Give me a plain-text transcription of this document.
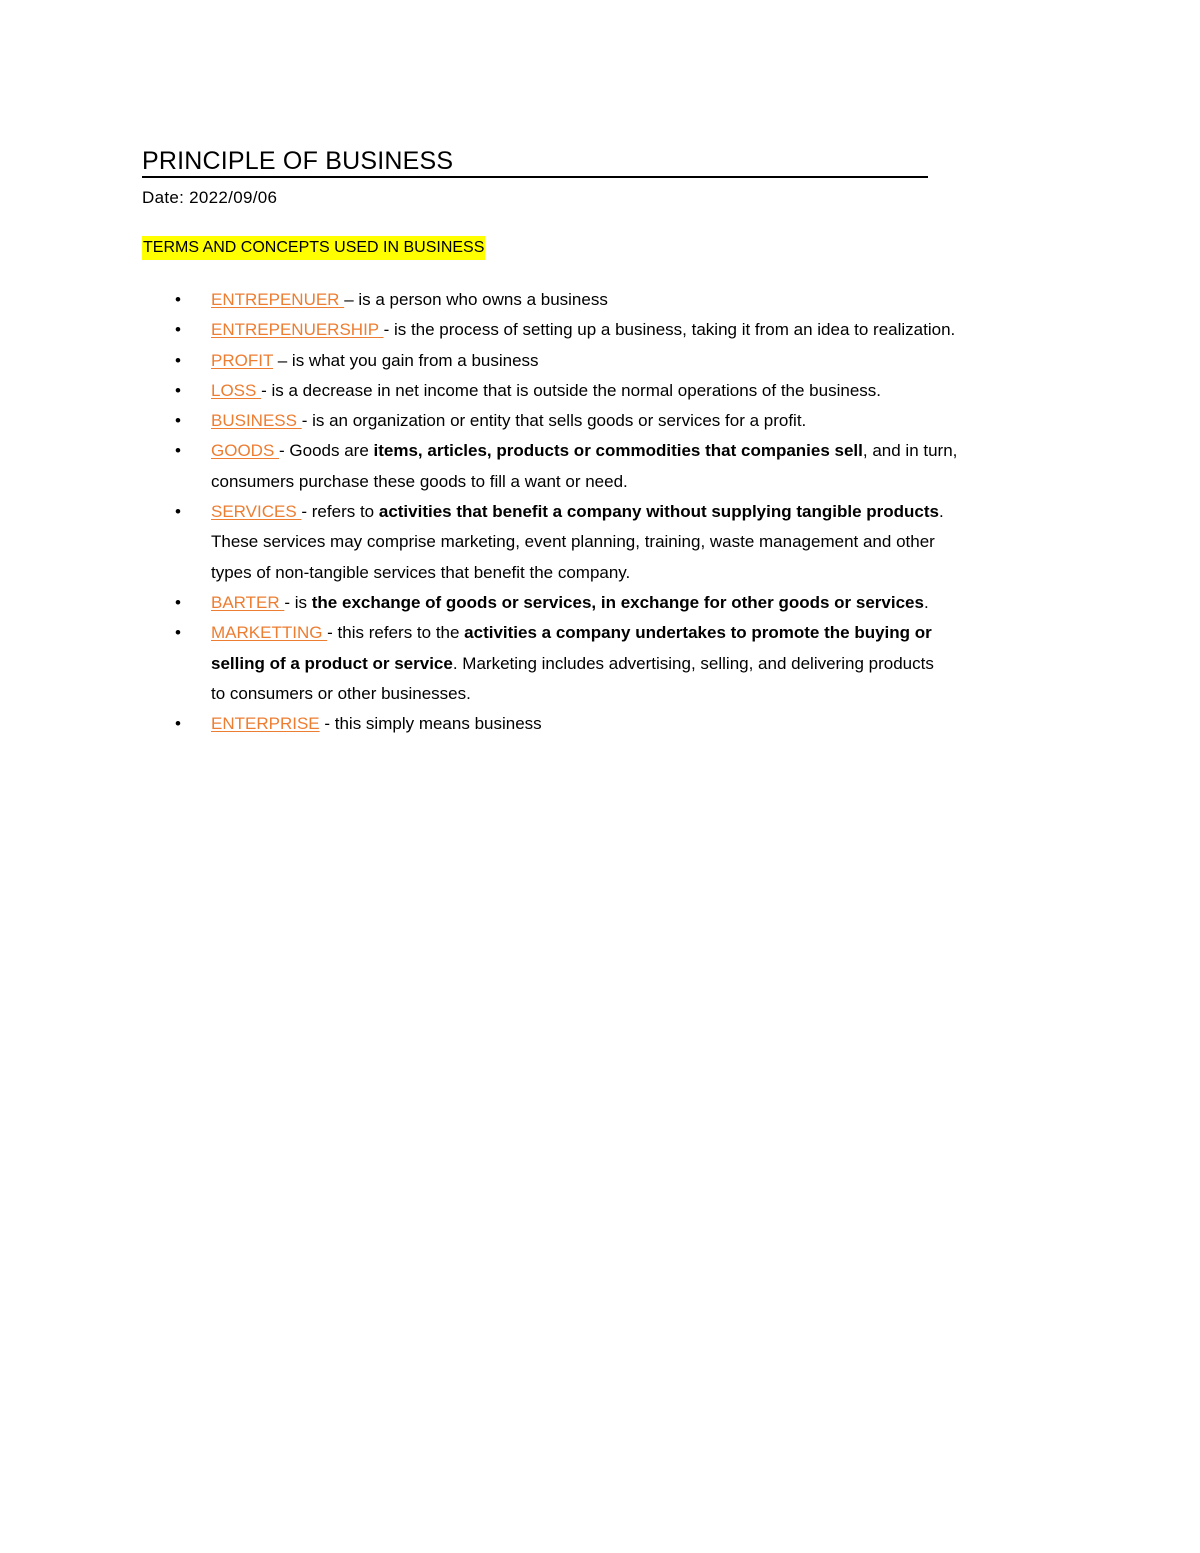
PRINCIPLE OF BUSINESS
Date: 2022/09/06
TERMS AND CONCEPTS USED IN BUSINESS
•	ENTREPENUER – is a person who owns a business
•	ENTREPENUERSHIP - is the process of setting up a business, taking it from an idea to realization.
•	PROFIT – is what you gain from a business
•	LOSS - is a decrease in net income that is outside the normal operations of the business.
•	BUSINESS - is an organization or entity that sells goods or services for a profit.
•	GOODS - Goods are items, articles, products or commodities that companies sell, and in turn,
consumers purchase these goods to fill a want or need.
•	SERVICES - refers to activities that benefit a company without supplying tangible products.
These services may comprise marketing, event planning, training, waste management and other
types of non-tangible services that benefit the company.
•	BARTER - is the exchange of goods or services, in exchange for other goods or services.
•	MARKETTING - this refers to the activities a company undertakes to promote the buying or
selling of a product or service. Marketing includes advertising, selling, and delivering products
to consumers or other businesses.
•	ENTERPRISE - this simply means business
